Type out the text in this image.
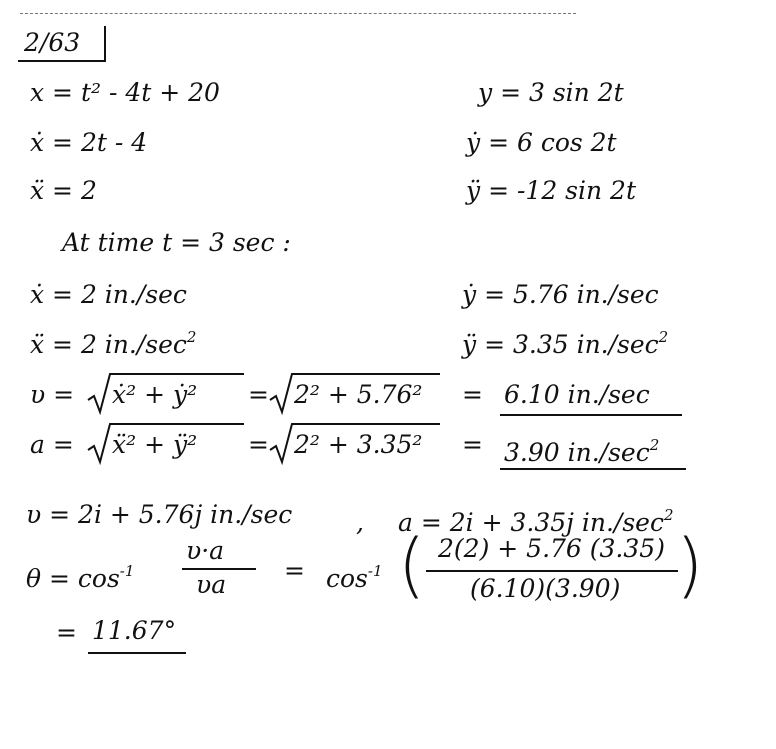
2/63
x = t² - 4t + 20
ẋ = 2t - 4
ẍ = 2
y = 3 sin 2t
ẏ = 6 cos 2t
ÿ = -12 sin 2t
At time t = 3 sec :
ẋ = 2 in./sec
ẍ = 2 $in./\sec^2$
ẏ = 5.76 in./sec
ÿ = 3.35 $in./\sec^2$
υ = ẋ² + ẏ² = 2² + 5.76² = 6.10 in./sec
a = ẍ² + ÿ² = 2² + 3.35² = 3.90 $in./\sec^2$
υ = 2i + 5.76j in./sec	, a = 2i + 3.35j $in./\sec^2$
$\theta = \cos^{-1}$
υ·a
$\upsilon a = \cos^{-1}$ ( 2(2) + 5.76 (3.35)
(6.10)(3.90) )
= 11.67°
